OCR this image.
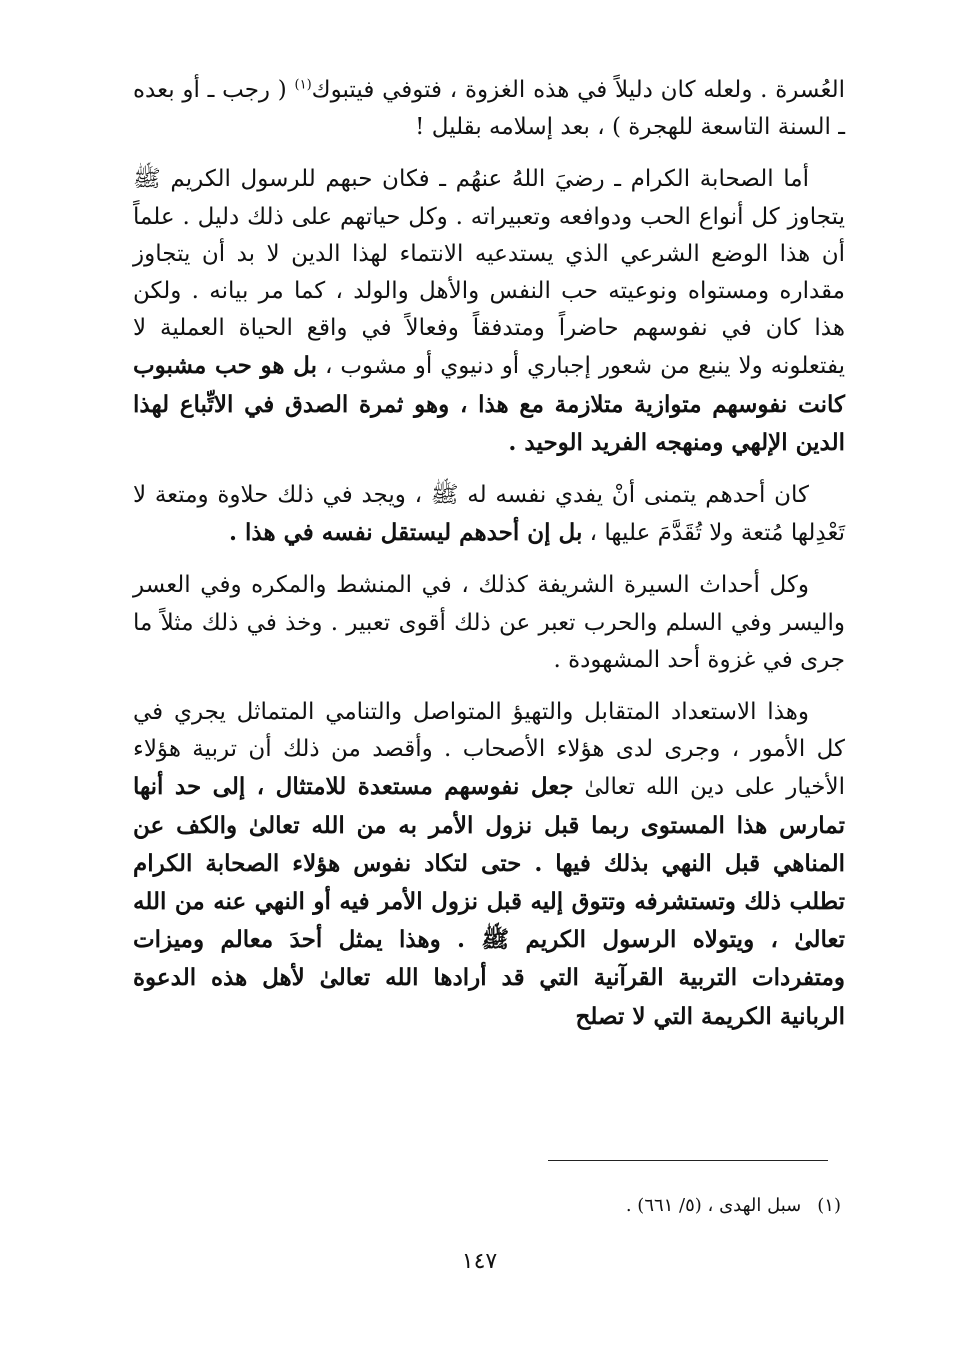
العُسرة . ولعله كان دليلاً في هذه الغزوة ، فتوفي فيتبوك$^{(١)}$ ( رجب ـ أو بعده ـ السنة التاسعة للهجرة ) ، بعد إسلامه بقليل !

أما الصحابة الكرام ـ رضيَ اللهُ عنهُم ـ فكان حبهم للرسول الكريم ﷺ يتجاوز كل أنواع الحب ودوافعه وتعبيراته . وكل حياتهم على ذلك دليل . علماً أن هذا الوضع الشرعي الذي يستدعيه الانتماء لهذا الدين لا بد أن يتجاوز مقداره ومستواه ونوعيته حب النفس والأهل والولد ، كما مر بيانه . ولكن هذا كان في نفوسهم حاضراً ومتدفقاً وفعالاً في واقع الحياة العملية لا يفتعلونه ولا ينبع من شعور إجباري أو دنيوي أو مشوب ، بل هو حب مشبوب كانت نفوسهم متوازية متلازمة مع هذا ، وهو ثمرة الصدق في الاتِّباع لهذا الدين الإلهي ومنهجه الفريد الوحيد .

كان أحدهم يتمنى أنْ يفدي نفسه له ﷺ ، ويجد في ذلك حلاوة ومتعة لا تَعْدِلها مُتعة ولا تُقَدَّمَ عليها ، بل إن أحدهم ليستقل نفسه في هذا .

وكل أحداث السيرة الشريفة كذلك ، في المنشط والمكره وفي العسر واليسر وفي السلم والحرب تعبر عن ذلك أقوى تعبير . وخذ في ذلك مثلاً ما جرى في غزوة أحد المشهودة .

وهذا الاستعداد المتقابل والتهيؤ المتواصل والتنامي المتماثل يجري في كل الأمور ، وجرى لدى هؤلاء الأصحاب . وأقصد من ذلك أن تربية هؤلاء الأخيار على دين الله تعالىٰ جعل نفوسهم مستعدة للامتثال ، إلى حد أنها تمارس هذا المستوى ربما قبل نزول الأمر به من الله تعالىٰ والكف عن المناهي قبل النهي بذلك فيها . حتى لتكاد نفوس هؤلاء الصحابة الكرام تطلب ذلك وتستشرفه وتتوق إليه قبل نزول الأمر فيه أو النهي عنه من الله تعالىٰ ، ويتولاه الرسول الكريم ﷺ . وهذا يمثل أحدَ معالم وميزات ومتفردات التربية القرآنية التي قد أرادها الله تعالىٰ لأهل هذه الدعوة الربانية الكريمة التي لا تصلح

(١)سبل الهدى ، (٥/ ٦٦١) .
١٤٧
